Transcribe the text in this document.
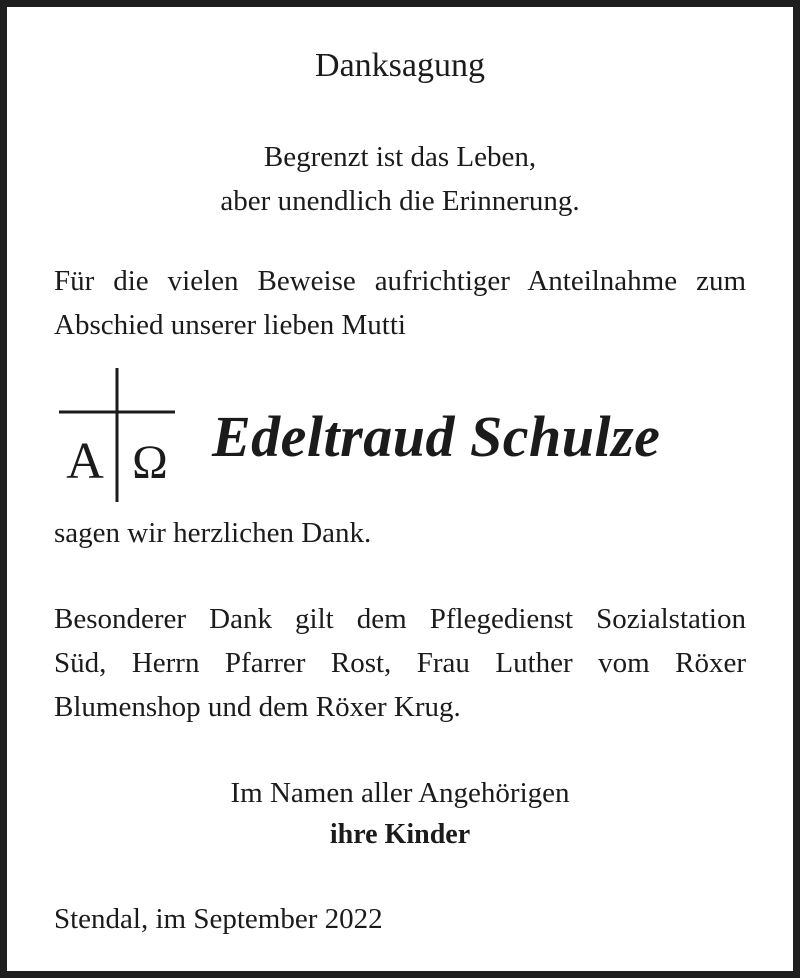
Danksagung
Begrenzt ist das Leben,
aber unendlich die Erinnerung.
Für die vielen Beweise aufrichtiger Anteilnahme zum
Abschied unserer lieben Mutti
A Ω Edeltraud Schulze
sagen wir herzlichen Dank.
Besonderer Dank gilt dem Pflegedienst Sozialstation
Süd, Herrn Pfarrer Rost, Frau Luther vom Röxer
Blumenshop und dem Röxer Krug.
Im Namen aller Angehörigen
ihre Kinder
Stendal, im September 2022
